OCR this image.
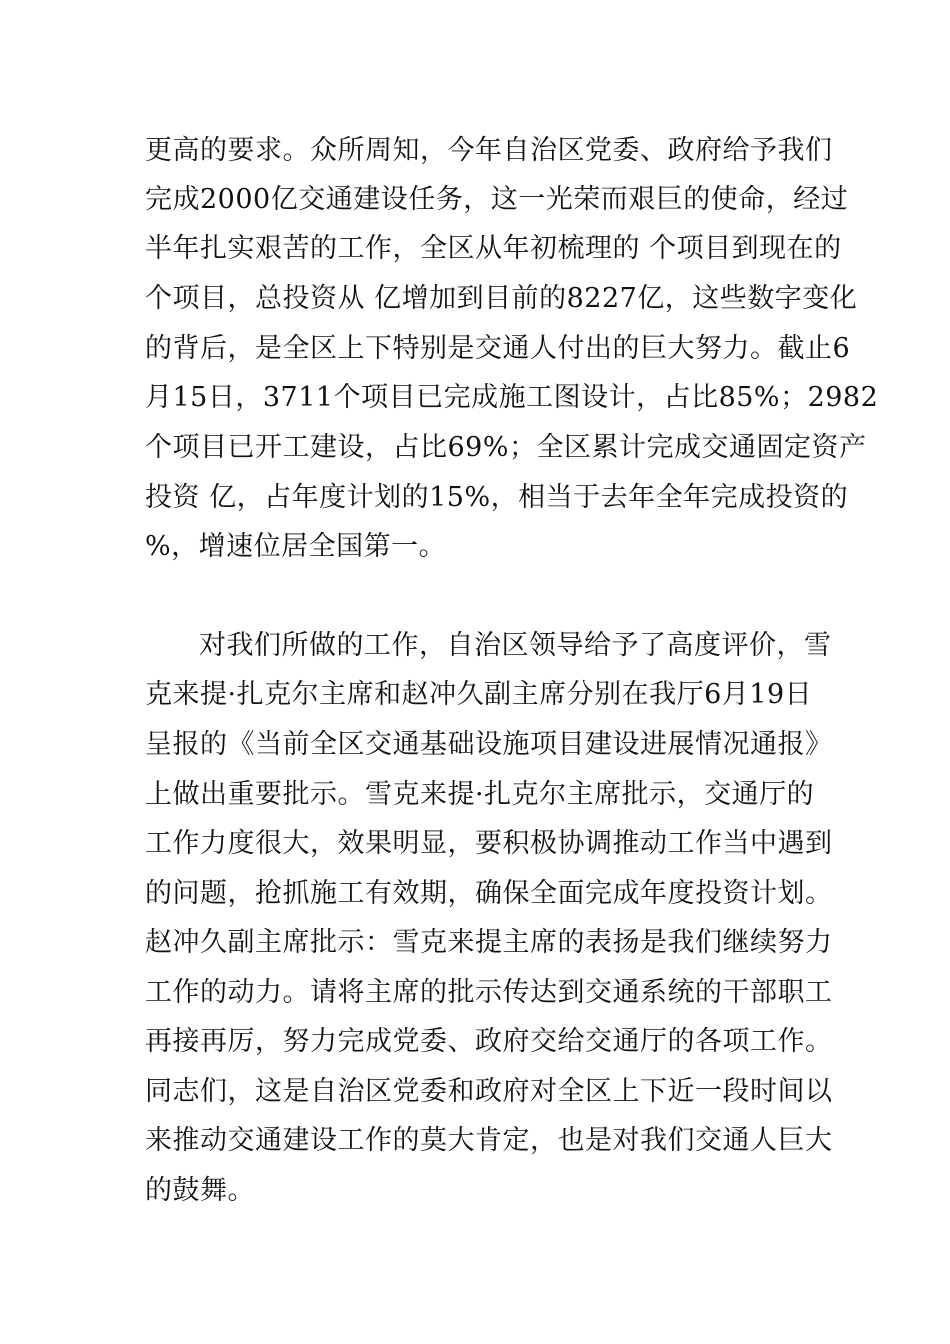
更高的要求。众所周知，今年自治区党委、政府给予我们
完成2000亿交通建设任务，这一光荣而艰巨的使命，经过
半年扎实艰苦的工作，全区从年初梳理的 个项目到现在的
个项目，总投资从 亿增加到目前的8227亿，这些数字变化
的背后，是全区上下特别是交通人付出的巨大努力。截止6
月15日，3711个项目已完成施工图设计，占比85%；2982
个项目已开工建设，占比69%；全区累计完成交通固定资产
投资 亿，占年度计划的15%，相当于去年全年完成投资的
%，增速位居全国第一。
对我们所做的工作，自治区领导给予了高度评价，雪
克来提·扎克尔主席和赵冲久副主席分别在我厅6月19日
呈报的《当前全区交通基础设施项目建设进展情况通报》
上做出重要批示。雪克来提·扎克尔主席批示，交通厅的
工作力度很大，效果明显，要积极协调推动工作当中遇到
的问题，抢抓施工有效期，确保全面完成年度投资计划。
赵冲久副主席批示：雪克来提主席的表扬是我们继续努力
工作的动力。请将主席的批示传达到交通系统的干部职工
再接再厉，努力完成党委、政府交给交通厅的各项工作。
同志们，这是自治区党委和政府对全区上下近一段时间以
来推动交通建设工作的莫大肯定，也是对我们交通人巨大
的鼓舞。
